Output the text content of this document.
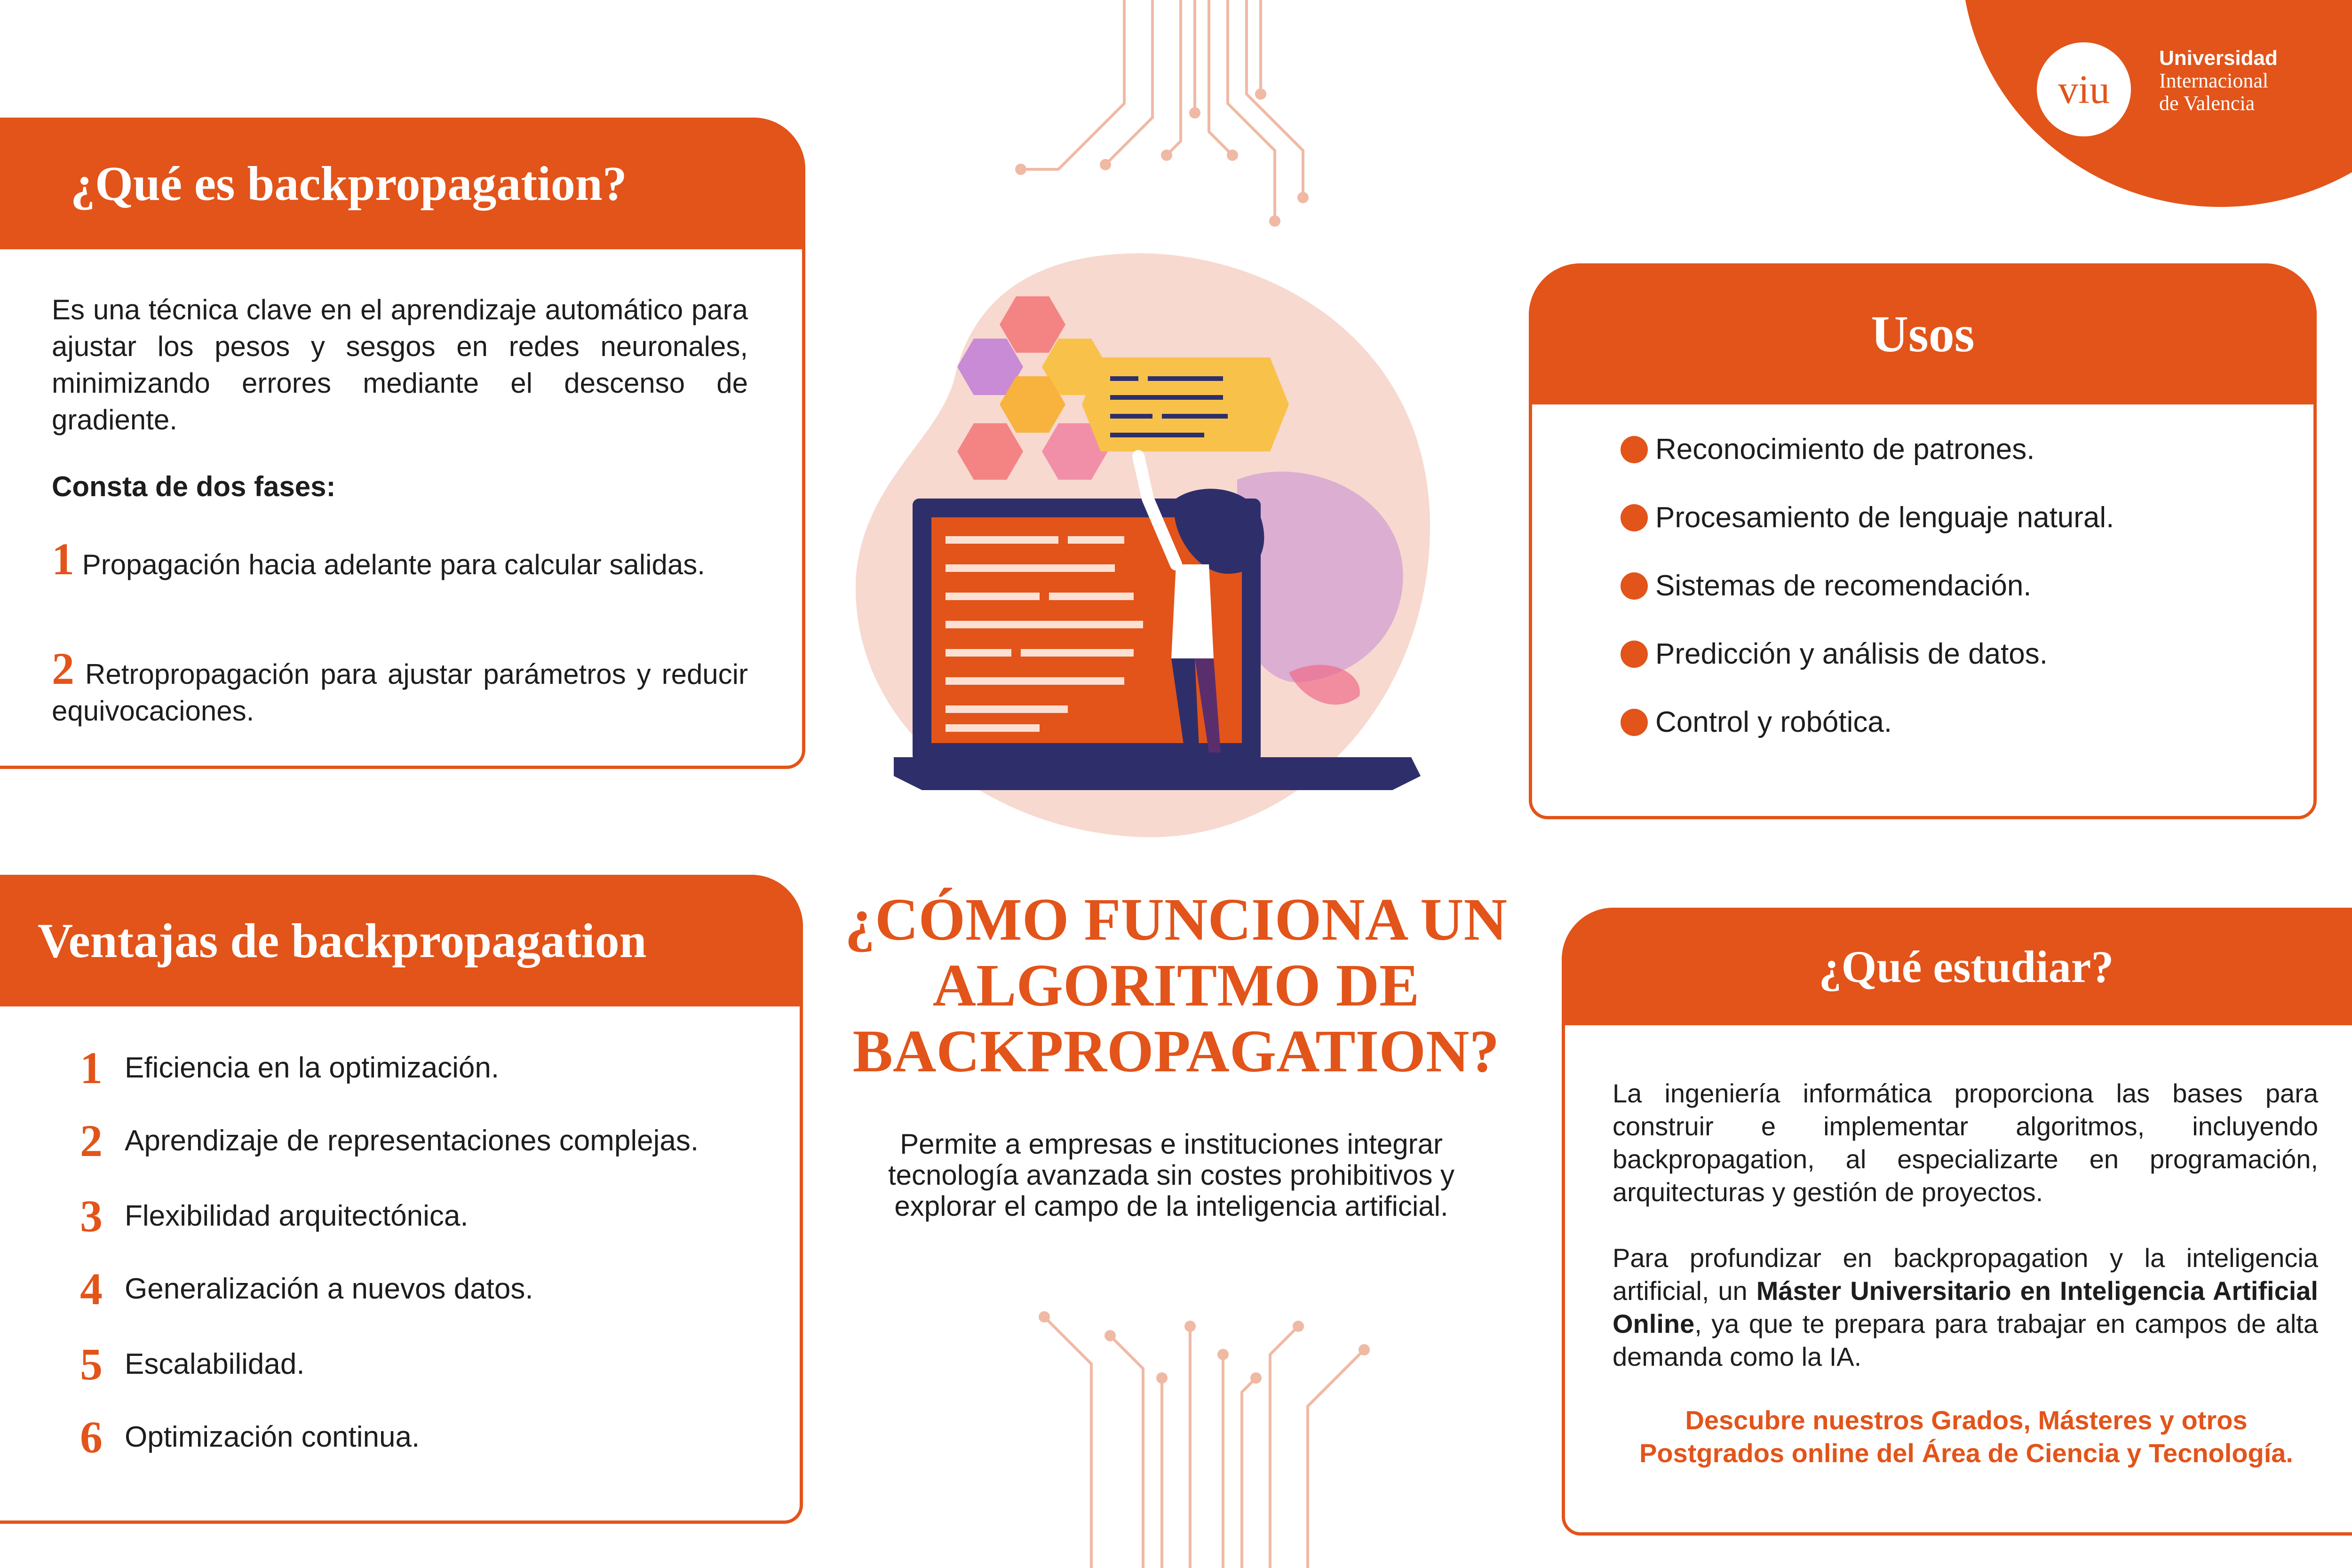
viu
Universidad
Internacional
de Valencia
¿Qué es backpropagation?
Es una técnica clave en el aprendizaje automático para ajustar los pesos y sesgos en redes neuronales, minimizando errores mediante el descenso de gradiente.
Consta de dos fases:
1 Propagación hacia adelante para calcular salidas.
2 Retropropagación para ajustar parámetros y reducir equivocaciones.
Usos
Reconocimiento de patrones.
Procesamiento de lenguaje natural.
Sistemas de recomendación.
Predicción y análisis de datos.
Control y robótica.
Ventajas de backpropagation
1 Eficiencia en la optimización.
2 Aprendizaje de representaciones complejas.
3 Flexibilidad arquitectónica.
4 Generalización a nuevos datos.
5 Escalabilidad.
6 Optimización continua.
¿Qué estudiar?
La ingeniería informática proporciona las bases para construir e implementar algoritmos, incluyendo backpropagation, al especializarte en programación, arquitecturas y gestión de proyectos.
Para profundizar en backpropagation y la inteligencia artificial, un Máster Universitario en Inteligencia Artificial Online, ya que te prepara para trabajar en campos de alta demanda como la IA.
Descubre nuestros Grados, Másteres y otros Postgrados online del Área de Ciencia y Tecnología.
¿CÓMO FUNCIONA UN
ALGORITMO DE
BACKPROPAGATION?
Permite a empresas e instituciones integrar tecnología avanzada sin costes prohibitivos y explorar el campo de la inteligencia artificial.
